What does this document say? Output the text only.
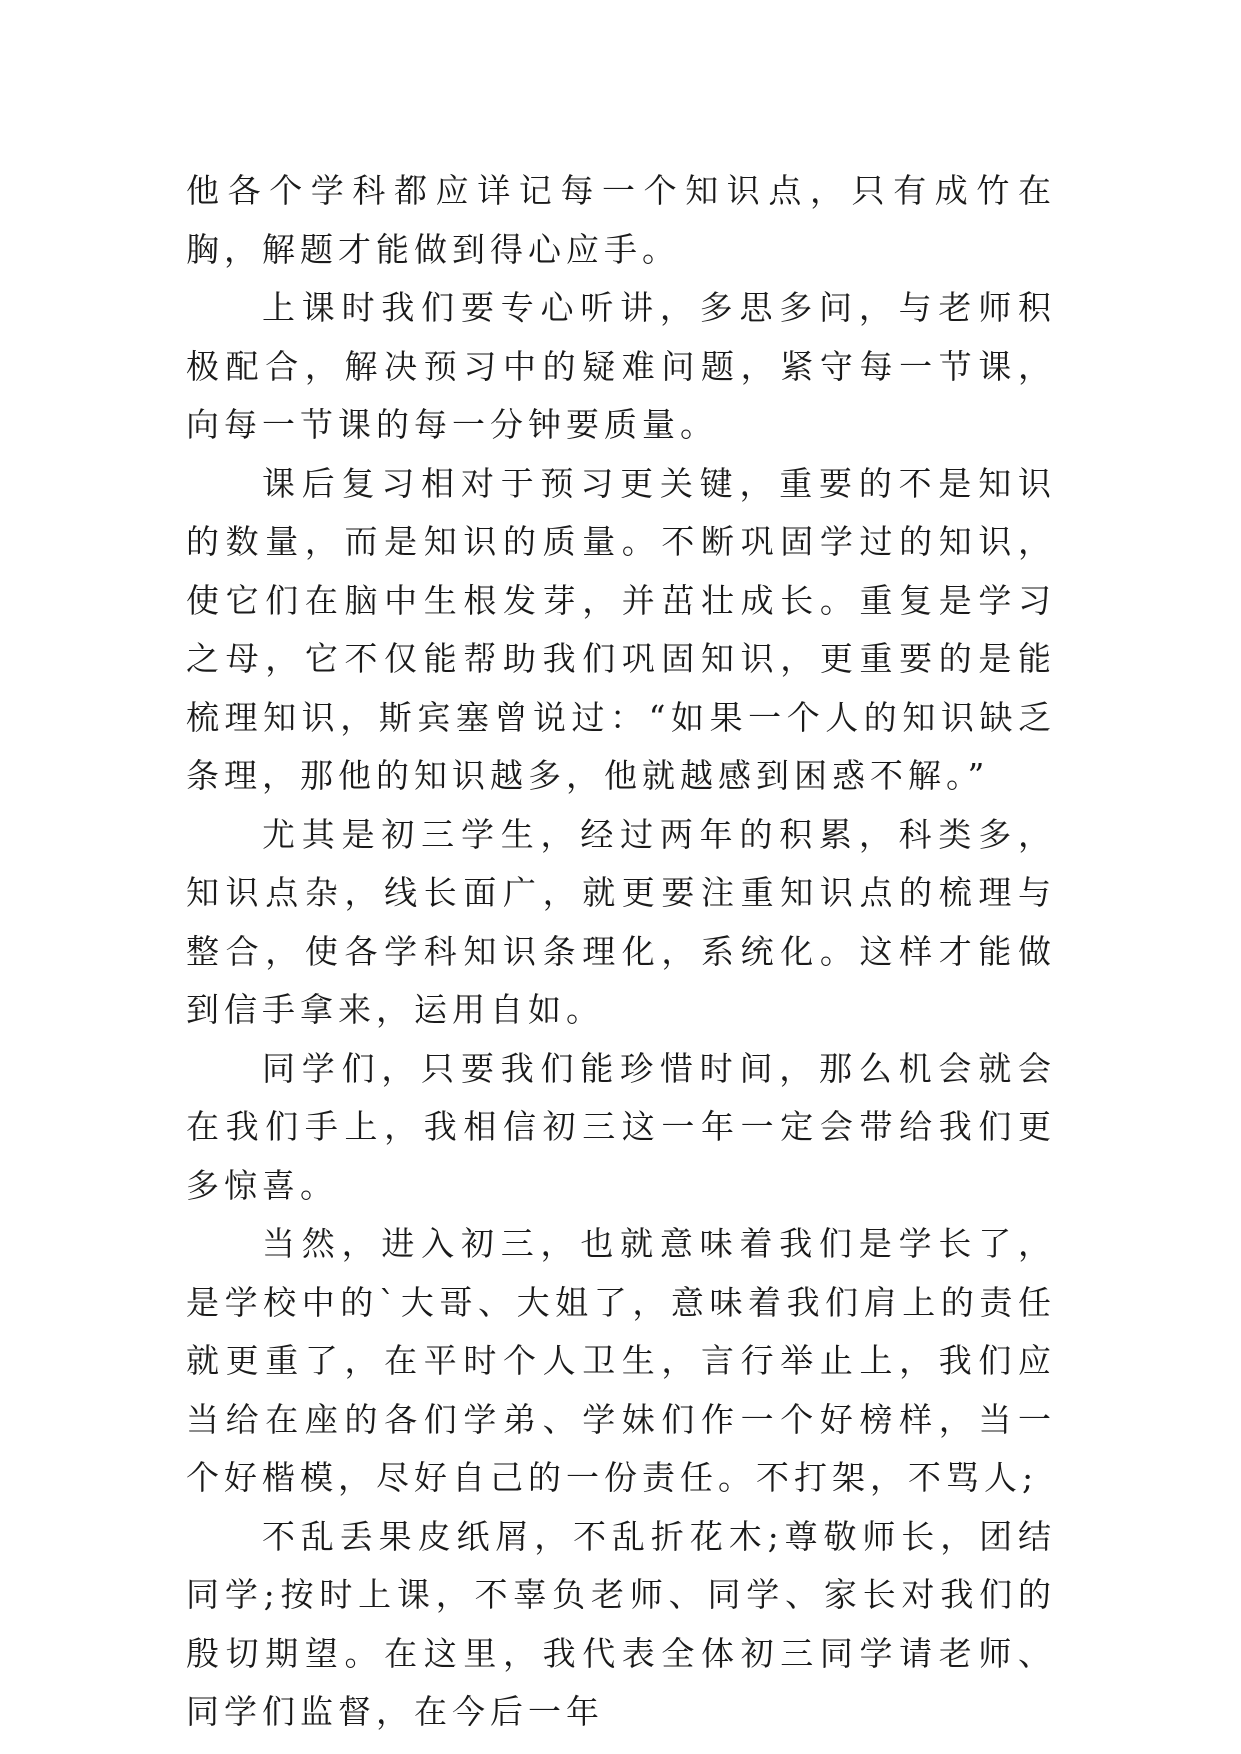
他各个学科都应详记每一个知识点，只有成竹在胸，解题才能做到得心应手。

上课时我们要专心听讲，多思多问，与老师积极配合，解决预习中的疑难问题，紧守每一节课，向每一节课的每一分钟要质量。

课后复习相对于预习更关键，重要的不是知识的数量，而是知识的质量。不断巩固学过的知识，使它们在脑中生根发芽，并茁壮成长。重复是学习之母，它不仅能帮助我们巩固知识，更重要的是能梳理知识，斯宾塞曾说过：“如果一个人的知识缺乏条理，那他的知识越多，他就越感到困惑不解。”

尤其是初三学生，经过两年的积累，科类多，知识点杂，线长面广，就更要注重知识点的梳理与整合，使各学科知识条理化，系统化。这样才能做到信手拿来，运用自如。

同学们，只要我们能珍惜时间，那么机会就会在我们手上，我相信初三这一年一定会带给我们更多惊喜。

当然，进入初三，也就意味着我们是学长了，是学校中的`大哥、大姐了，意味着我们肩上的责任就更重了，在平时个人卫生，言行举止上，我们应当给在座的各们学弟、学妹们作一个好榜样，当一个好楷模，尽好自己的一份责任。不打架，不骂人;

不乱丢果皮纸屑，不乱折花木;尊敬师长，团结同学;按时上课，不辜负老师、同学、家长对我们的殷切期望。在这里，我代表全体初三同学请老师、同学们监督，在今后一年
